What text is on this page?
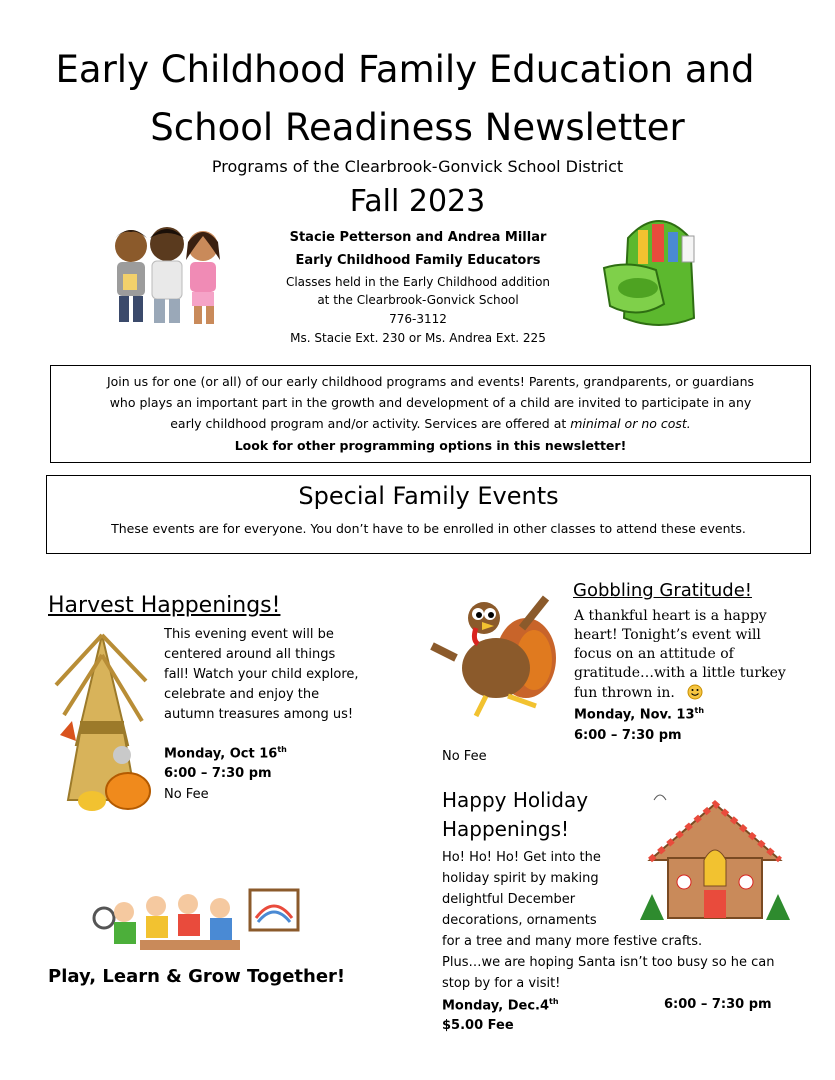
Early Childhood Family Education and
School Readiness Newsletter
Programs of the Clearbrook-Gonvick School District
Fall 2023
Stacie Petterson and Andrea Millar
Early Childhood Family Educators
Classes held in the Early Childhood addition
at the Clearbrook-Gonvick School
776-3112
Ms. Stacie Ext. 230 or Ms. Andrea Ext. 225
Join us for one (or all) of our early childhood programs and events! Parents, grandparents, or guardians
who plays an important part in the growth and development of a child are invited to participate in any
early childhood program and/or activity. Services are offered at minimal or no cost.
Look for other programming options in this newsletter!
Special Family Events
These events are for everyone. You don’t have to be enrolled in other classes to attend these events.
Harvest Happenings!
This evening event will be
centered around all things
fall! Watch your child explore,
celebrate and enjoy the
autumn treasures among us!
Monday, Oct 16th
6:00 – 7:30 pm
No Fee
Gobbling Gratitude!
A thankful heart is a happy
heart! Tonight’s event will
focus on an attitude of
gratitude…with a little turkey
fun thrown in.
Monday, Nov. 13th
6:00 – 7:30 pm
No Fee
Happy Holiday
Happenings!
Ho! Ho! Ho! Get into the
holiday spirit by making
delightful December
decorations, ornaments
for a tree and many more festive crafts.
Plus…we are hoping Santa isn’t too busy so he can
stop by for a visit!
Monday, Dec.4th	6:00 – 7:30 pm
$5.00 Fee
Play, Learn & Grow Together!
